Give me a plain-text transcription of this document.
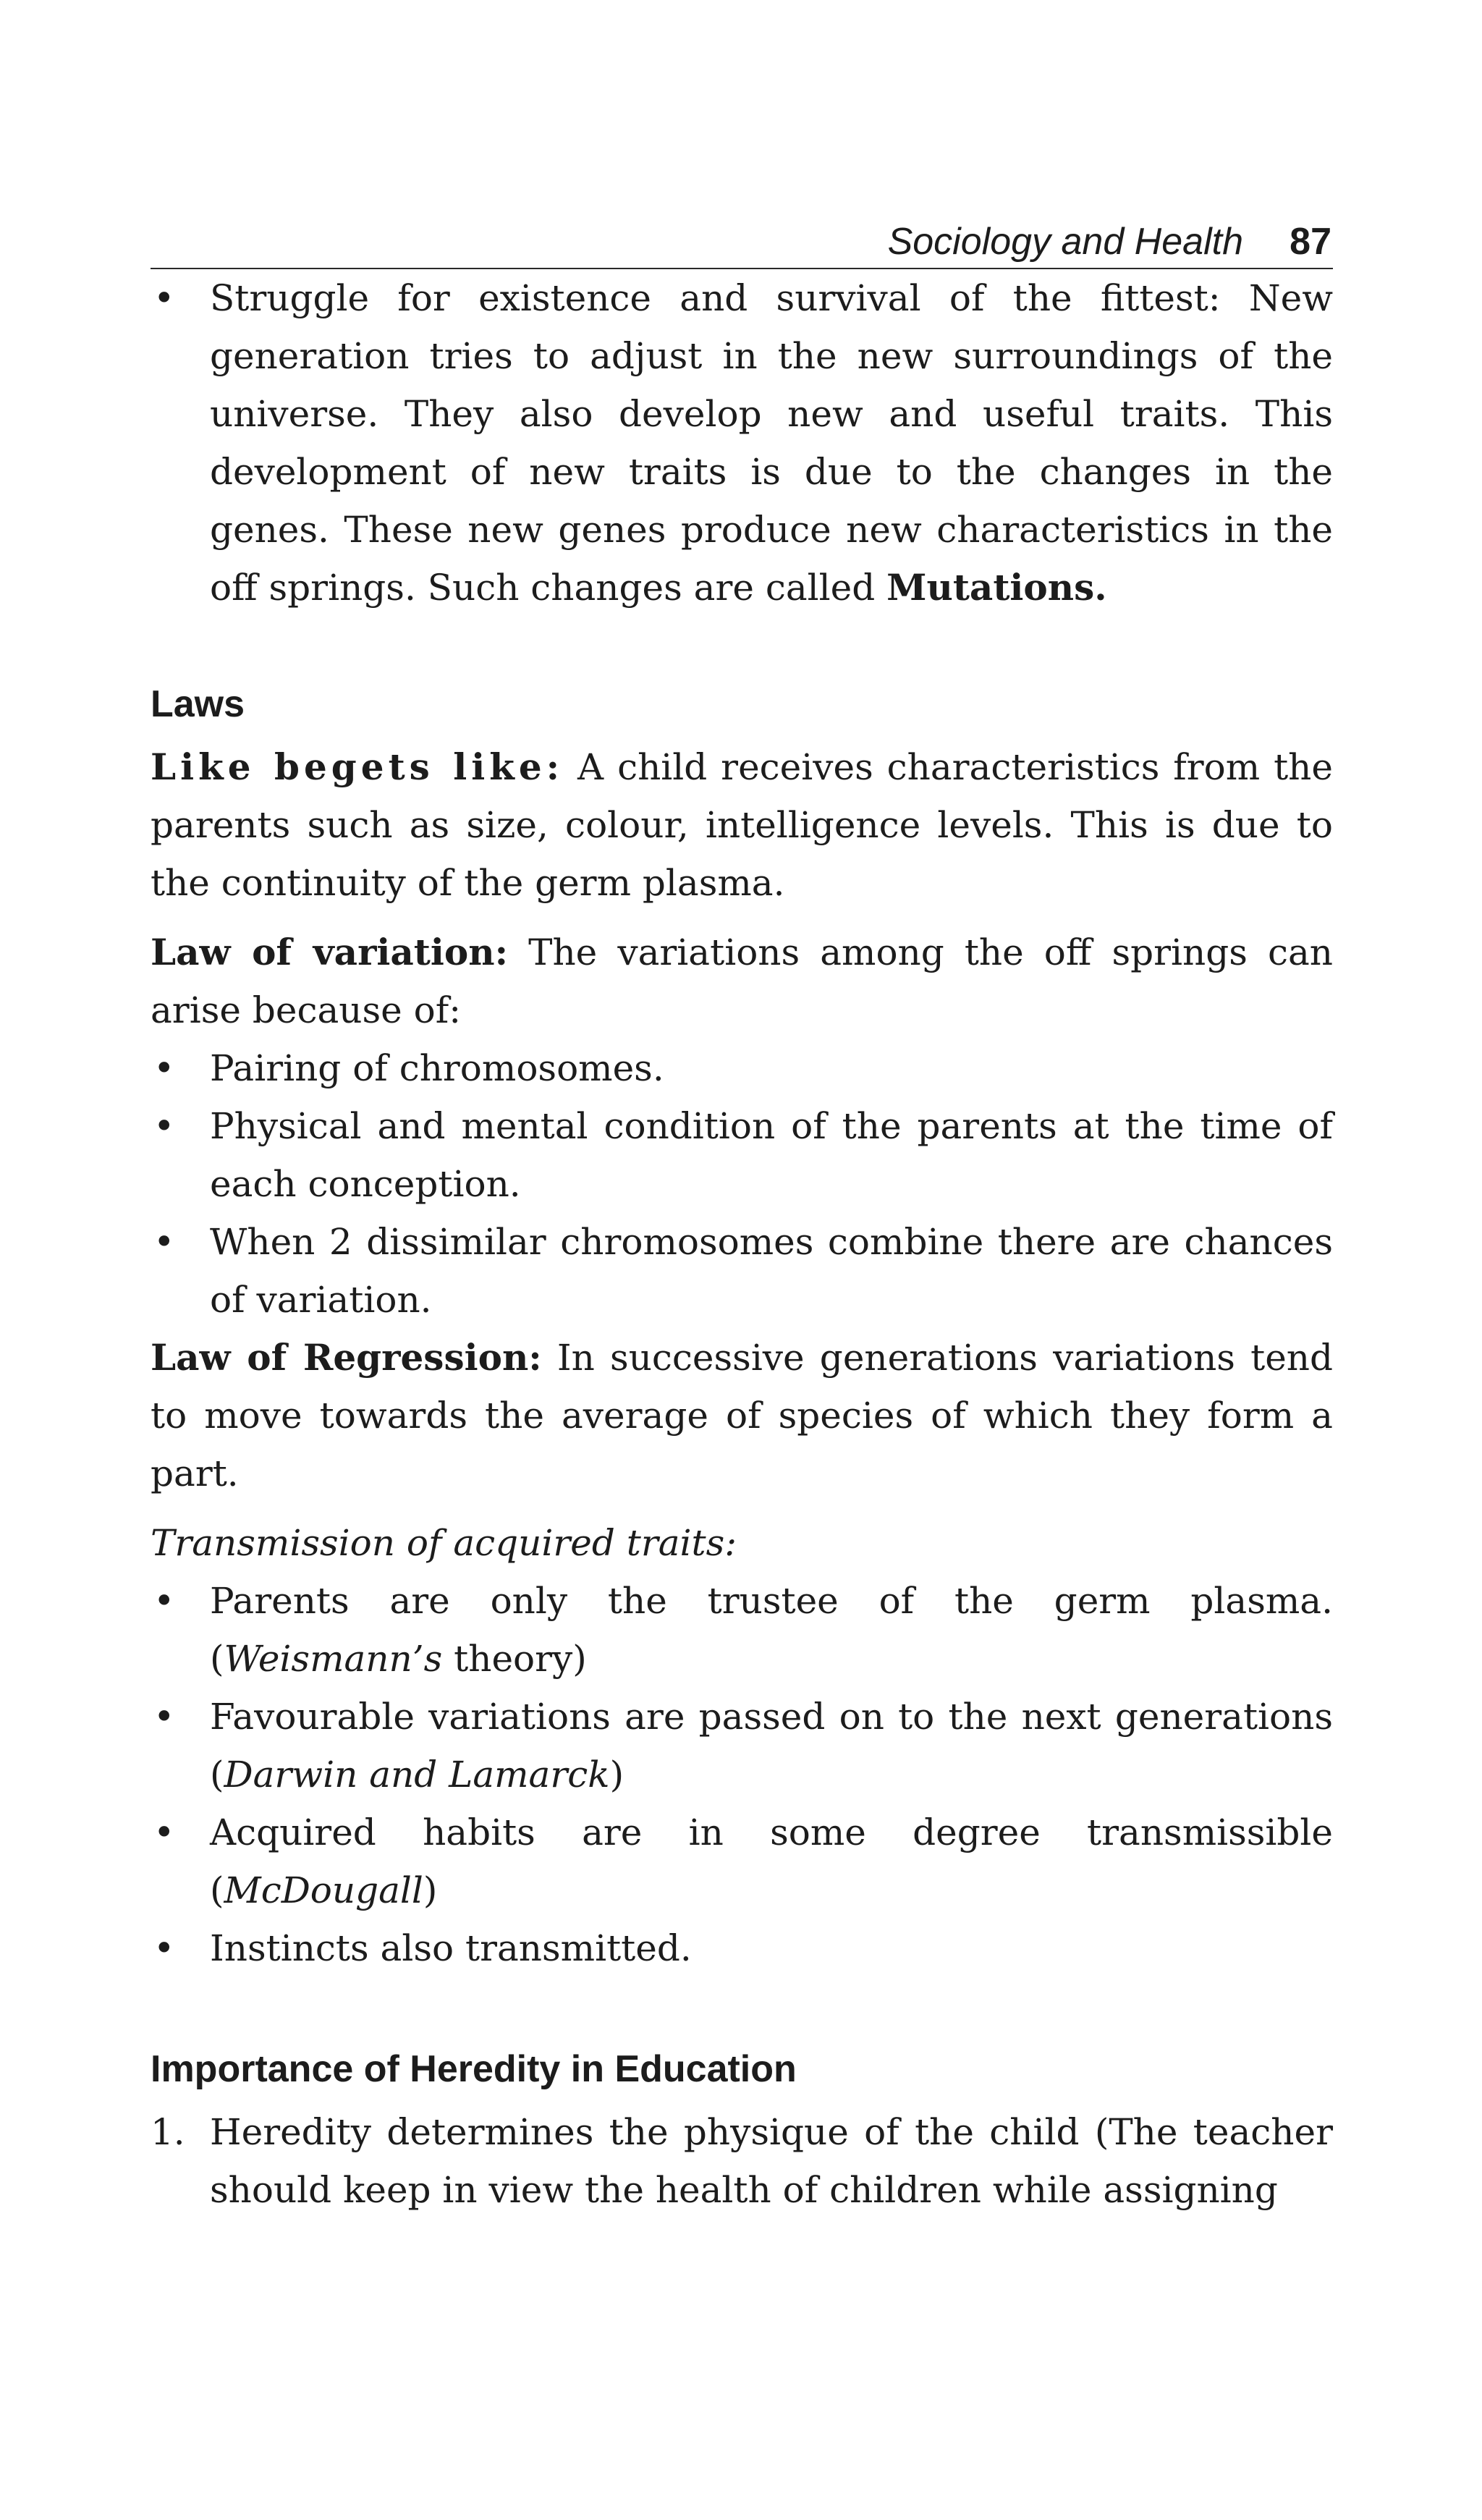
Sociology and Health 87
• Struggle for existence and survival of the fittest: New generation tries to adjust in the new surroundings of the universe. They also develop new and useful traits. This development of new traits is due to the changes in the genes. These new genes produce new characteristics in the off springs. Such changes are called Mutations.
Laws

Like begets like: A child receives characteristics from the parents such as size, colour, intelligence levels. This is due to the continuity of the germ plasma.

Law of variation: The variations among the off springs can arise because of:

• Pairing of chromosomes.
• Physical and mental condition of the parents at the time of each conception.
• When 2 dissimilar chromosomes combine there are chances of variation.

Law of Regression: In successive generations variations tend to move towards the average of species of which they form a part.

Transmission of acquired traits:

• Parents are only the trustee of the germ plasma. (Weismann’s theory)
• Favourable variations are passed on to the next generations (Darwin and Lamarck)
• Acquired habits are in some degree transmissible (McDougall)
• Instincts also transmitted.
Importance of Heredity in Education
1. Heredity determines the physique of the child (The teacher should keep in view the health of children while assigning
